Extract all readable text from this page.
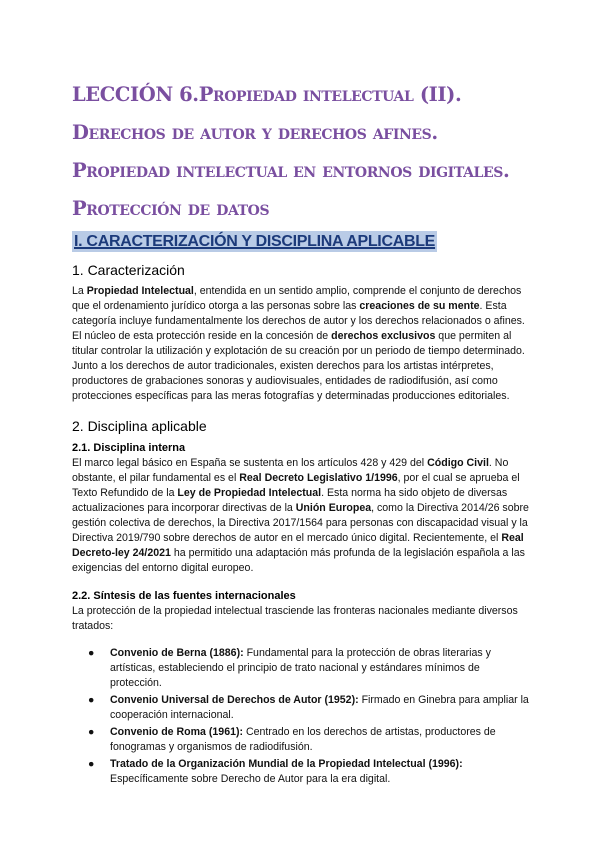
LECCIÓN 6.Propiedad intelectual (II). Derechos de autor y derechos afines. Propiedad intelectual en entornos digitales. Protección de datos
I. CARACTERIZACIÓN Y DISCIPLINA APLICABLE
1. Caracterización

La Propiedad Intelectual, entendida en un sentido amplio, comprende el conjunto de derechos que el ordenamiento jurídico otorga a las personas sobre las creaciones de su mente. Esta categoría incluye fundamentalmente los derechos de autor y los derechos relacionados o afines. El núcleo de esta protección reside en la concesión de derechos exclusivos que permiten al titular controlar la utilización y explotación de su creación por un periodo de tiempo determinado. Junto a los derechos de autor tradicionales, existen derechos para los artistas intérpretes, productores de grabaciones sonoras y audiovisuales, entidades de radiodifusión, así como protecciones específicas para las meras fotografías y determinadas producciones editoriales.

2. Disciplina aplicable
2.1. Disciplina interna

El marco legal básico en España se sustenta en los artículos 428 y 429 del Código Civil. No obstante, el pilar fundamental es el Real Decreto Legislativo 1/1996, por el cual se aprueba el Texto Refundido de la Ley de Propiedad Intelectual. Esta norma ha sido objeto de diversas actualizaciones para incorporar directivas de la Unión Europea, como la Directiva 2014/26 sobre gestión colectiva de derechos, la Directiva 2017/1564 para personas con discapacidad visual y la Directiva 2019/790 sobre derechos de autor en el mercado único digital. Recientemente, el Real Decreto-ley 24/2021 ha permitido una adaptación más profunda de la legislación española a las exigencias del entorno digital europeo.

2.2. Síntesis de las fuentes internacionales

La protección de la propiedad intelectual trasciende las fronteras nacionales mediante diversos tratados:

● Convenio de Berna (1886): Fundamental para la protección de obras literarias y artísticas, estableciendo el principio de trato nacional y estándares mínimos de protección.
● Convenio Universal de Derechos de Autor (1952): Firmado en Ginebra para ampliar la cooperación internacional.
● Convenio de Roma (1961): Centrado en los derechos de artistas, productores de fonogramas y organismos de radiodifusión.
● Tratado de la Organización Mundial de la Propiedad Intelectual (1996): Específicamente sobre Derecho de Autor para la era digital.
